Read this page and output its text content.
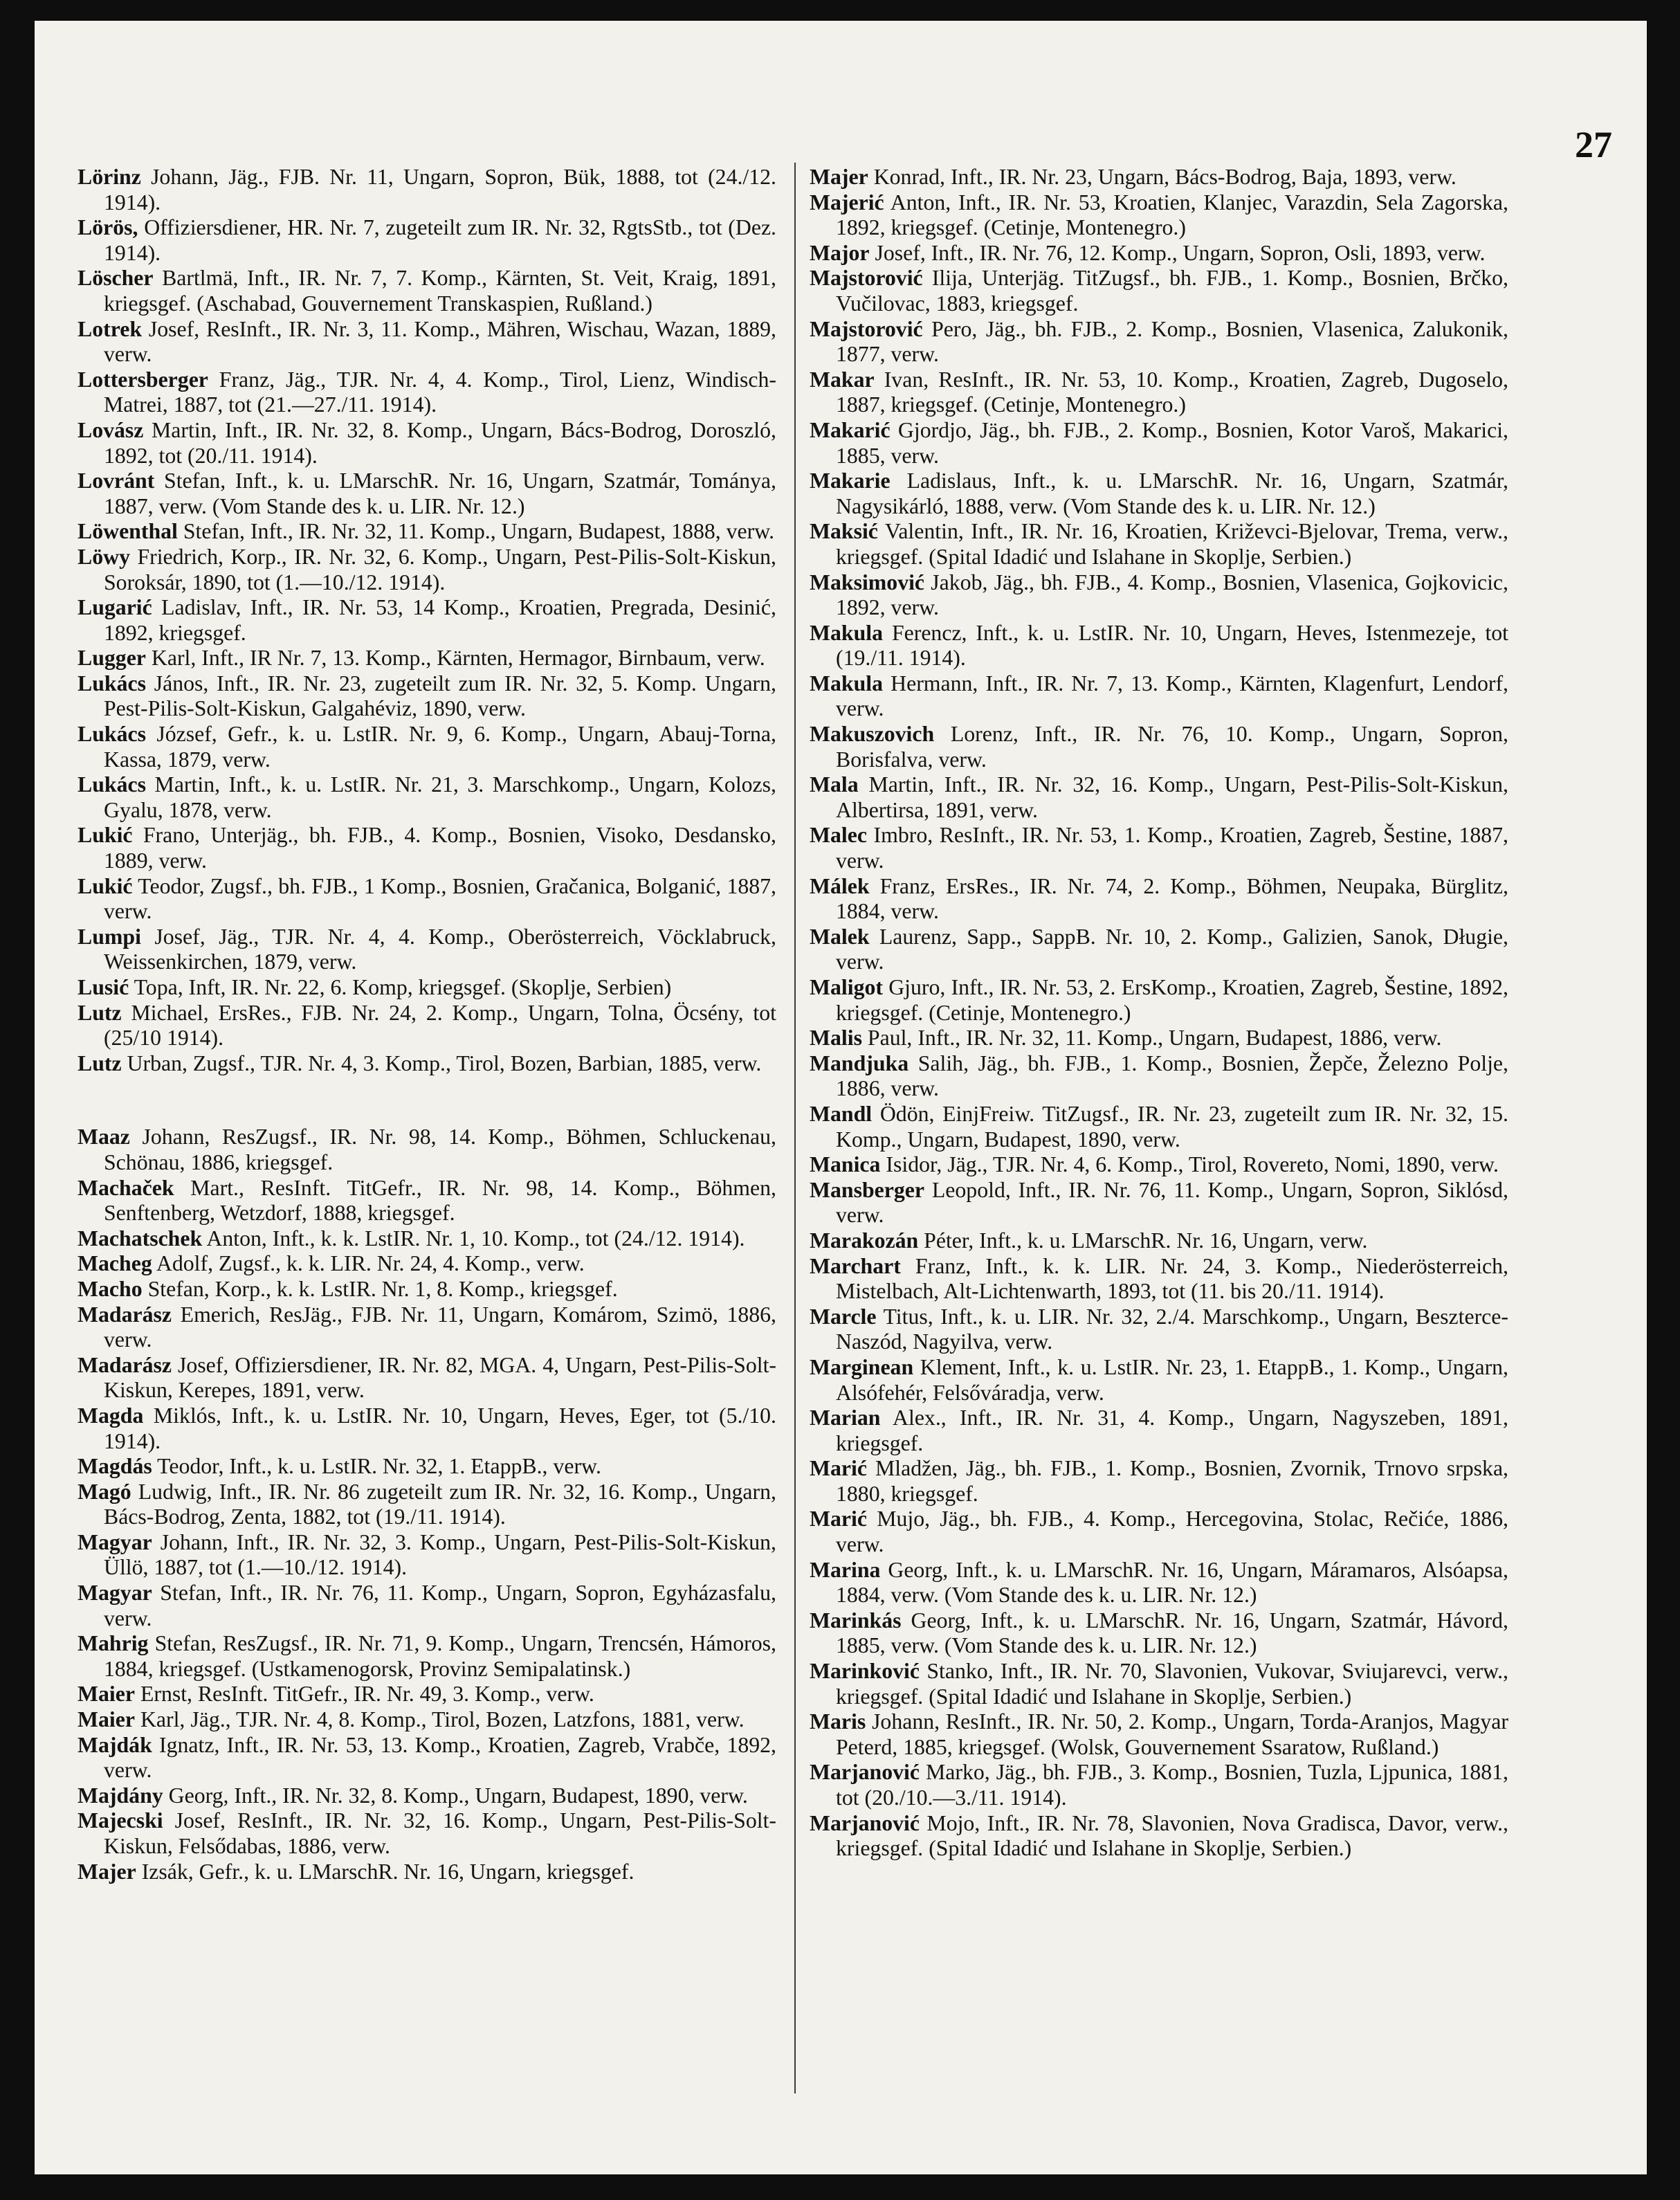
27
Lörinz Johann, Jäg., FJB. Nr. 11, Ungarn, Sopron, Bük, 1888, tot (24./12. 1914).
Lörös, Offiziersdiener, HR. Nr. 7, zugeteilt zum IR. Nr. 32, RgtsStb., tot (Dez. 1914).
Löscher Bartlmä, Inft., IR. Nr. 7, 7. Komp., Kärnten, St. Veit, Kraig, 1891, kriegsgef. (Aschabad, Gouvernement Transkaspien, Rußland.)
Lotrek Josef, ResInft., IR. Nr. 3, 11. Komp., Mähren, Wischau, Wazan, 1889, verw.
Lottersberger Franz, Jäg., TJR. Nr. 4, 4. Komp., Tirol, Lienz, Windisch-Matrei, 1887, tot (21.—27./11. 1914).
Lovász Martin, Inft., IR. Nr. 32, 8. Komp., Ungarn, Bács-Bodrog, Doroszló, 1892, tot (20./11. 1914).
Lovránt Stefan, Inft., k. u. LMarschR. Nr. 16, Ungarn, Szatmár, Tománya, 1887, verw. (Vom Stande des k. u. LIR. Nr. 12.)
Löwenthal Stefan, Inft., IR. Nr. 32, 11. Komp., Ungarn, Budapest, 1888, verw.
Löwy Friedrich, Korp., IR. Nr. 32, 6. Komp., Ungarn, Pest-Pilis-Solt-Kiskun, Soroksár, 1890, tot (1.—10./12. 1914).
Lugarić Ladislav, Inft., IR. Nr. 53, 14 Komp., Kroatien, Pregrada, Desinić, 1892, kriegsgef.
Lugger Karl, Inft., IR Nr. 7, 13. Komp., Kärnten, Hermagor, Birnbaum, verw.
Lukács János, Inft., IR. Nr. 23, zugeteilt zum IR. Nr. 32, 5. Komp. Ungarn, Pest-Pilis-Solt-Kiskun, Galgahéviz, 1890, verw.
Lukács József, Gefr., k. u. LstIR. Nr. 9, 6. Komp., Ungarn, Abauj-Torna, Kassa, 1879, verw.
Lukács Martin, Inft., k. u. LstIR. Nr. 21, 3. Marschkomp., Ungarn, Kolozs, Gyalu, 1878, verw.
Lukić Frano, Unterjäg., bh. FJB., 4. Komp., Bosnien, Visoko, Desdansko, 1889, verw.
Lukić Teodor, Zugsf., bh. FJB., 1 Komp., Bosnien, Gračanica, Bolganić, 1887, verw.
Lumpi Josef, Jäg., TJR. Nr. 4, 4. Komp., Oberösterreich, Vöcklabruck, Weissenkirchen, 1879, verw.
Lusić Topa, Inft, IR. Nr. 22, 6. Komp, kriegsgef. (Skoplje, Serbien)
Lutz Michael, ErsRes., FJB. Nr. 24, 2. Komp., Ungarn, Tolna, Öcsény, tot (25/10 1914).
Lutz Urban, Zugsf., TJR. Nr. 4, 3. Komp., Tirol, Bozen, Barbian, 1885, verw.
Maaz Johann, ResZugsf., IR. Nr. 98, 14. Komp., Böhmen, Schluckenau, Schönau, 1886, kriegsgef.
Machaček Mart., ResInft. TitGefr., IR. Nr. 98, 14. Komp., Böhmen, Senftenberg, Wetzdorf, 1888, kriegsgef.
Machatschek Anton, Inft., k. k. LstIR. Nr. 1, 10. Komp., tot (24./12. 1914).
Macheg Adolf, Zugsf., k. k. LIR. Nr. 24, 4. Komp., verw.
Macho Stefan, Korp., k. k. LstIR. Nr. 1, 8. Komp., kriegsgef.
Madarász Emerich, ResJäg., FJB. Nr. 11, Ungarn, Komárom, Szimö, 1886, verw.
Madarász Josef, Offiziersdiener, IR. Nr. 82, MGA. 4, Ungarn, Pest-Pilis-Solt-Kiskun, Kerepes, 1891, verw.
Magda Miklós, Inft., k. u. LstIR. Nr. 10, Ungarn, Heves, Eger, tot (5./10. 1914).
Magdás Teodor, Inft., k. u. LstIR. Nr. 32, 1. EtappB., verw.
Magó Ludwig, Inft., IR. Nr. 86 zugeteilt zum IR. Nr. 32, 16. Komp., Ungarn, Bács-Bodrog, Zenta, 1882, tot (19./11. 1914).
Magyar Johann, Inft., IR. Nr. 32, 3. Komp., Ungarn, Pest-Pilis-Solt-Kiskun, Üllö, 1887, tot (1.—10./12. 1914).
Magyar Stefan, Inft., IR. Nr. 76, 11. Komp., Ungarn, Sopron, Egyházasfalu, verw.
Mahrig Stefan, ResZugsf., IR. Nr. 71, 9. Komp., Ungarn, Trencsén, Hámoros, 1884, kriegsgef. (Ustkamenogorsk, Provinz Semipalatinsk.)
Maier Ernst, ResInft. TitGefr., IR. Nr. 49, 3. Komp., verw.
Maier Karl, Jäg., TJR. Nr. 4, 8. Komp., Tirol, Bozen, Latzfons, 1881, verw.
Majdák Ignatz, Inft., IR. Nr. 53, 13. Komp., Kroatien, Zagreb, Vrabče, 1892, verw.
Majdány Georg, Inft., IR. Nr. 32, 8. Komp., Ungarn, Budapest, 1890, verw.
Majecski Josef, ResInft., IR. Nr. 32, 16. Komp., Ungarn, Pest-Pilis-Solt-Kiskun, Felsődabas, 1886, verw.
Majer Izsák, Gefr., k. u. LMarschR. Nr. 16, Ungarn, kriegsgef.
Majer Konrad, Inft., IR. Nr. 23, Ungarn, Bács-Bodrog, Baja, 1893, verw.
Majerić Anton, Inft., IR. Nr. 53, Kroatien, Klanjec, Varazdin, Sela Zagorska, 1892, kriegsgef. (Cetinje, Montenegro.)
Major Josef, Inft., IR. Nr. 76, 12. Komp., Ungarn, Sopron, Osli, 1893, verw.
Majstorović Ilija, Unterjäg. TitZugsf., bh. FJB., 1. Komp., Bosnien, Brčko, Vučilovac, 1883, kriegsgef.
Majstorović Pero, Jäg., bh. FJB., 2. Komp., Bosnien, Vlasenica, Zalukonik, 1877, verw.
Makar Ivan, ResInft., IR. Nr. 53, 10. Komp., Kroatien, Zagreb, Dugoselo, 1887, kriegsgef. (Cetinje, Montenegro.)
Makarić Gjordjo, Jäg., bh. FJB., 2. Komp., Bosnien, Kotor Varoš, Makarici, 1885, verw.
Makarie Ladislaus, Inft., k. u. LMarschR. Nr. 16, Ungarn, Szatmár, Nagysikárló, 1888, verw. (Vom Stande des k. u. LIR. Nr. 12.)
Maksić Valentin, Inft., IR. Nr. 16, Kroatien, Križevci-Bjelovar, Trema, verw., kriegsgef. (Spital Idadić und Islahane in Skoplje, Serbien.)
Maksimović Jakob, Jäg., bh. FJB., 4. Komp., Bosnien, Vlasenica, Gojkovicic, 1892, verw.
Makula Ferencz, Inft., k. u. LstIR. Nr. 10, Ungarn, Heves, Istenmezeje, tot (19./11. 1914).
Makula Hermann, Inft., IR. Nr. 7, 13. Komp., Kärnten, Klagenfurt, Lendorf, verw.
Makuszovich Lorenz, Inft., IR. Nr. 76, 10. Komp., Ungarn, Sopron, Borisfalva, verw.
Mala Martin, Inft., IR. Nr. 32, 16. Komp., Ungarn, Pest-Pilis-Solt-Kiskun, Albertirsa, 1891, verw.
Malec Imbro, ResInft., IR. Nr. 53, 1. Komp., Kroatien, Zagreb, Šestine, 1887, verw.
Málek Franz, ErsRes., IR. Nr. 74, 2. Komp., Böhmen, Neupaka, Bürglitz, 1884, verw.
Malek Laurenz, Sapp., SappB. Nr. 10, 2. Komp., Galizien, Sanok, Długie, verw.
Maligot Gjuro, Inft., IR. Nr. 53, 2. ErsKomp., Kroatien, Zagreb, Šestine, 1892, kriegsgef. (Cetinje, Montenegro.)
Malis Paul, Inft., IR. Nr. 32, 11. Komp., Ungarn, Budapest, 1886, verw.
Mandjuka Salih, Jäg., bh. FJB., 1. Komp., Bosnien, Žepče, Železno Polje, 1886, verw.
Mandl Ödön, EinjFreiw. TitZugsf., IR. Nr. 23, zugeteilt zum IR. Nr. 32, 15. Komp., Ungarn, Budapest, 1890, verw.
Manica Isidor, Jäg., TJR. Nr. 4, 6. Komp., Tirol, Rovereto, Nomi, 1890, verw.
Mansberger Leopold, Inft., IR. Nr. 76, 11. Komp., Ungarn, Sopron, Siklósd, verw.
Marakozán Péter, Inft., k. u. LMarschR. Nr. 16, Ungarn, verw.
Marchart Franz, Inft., k. k. LIR. Nr. 24, 3. Komp., Niederösterreich, Mistelbach, Alt-Lichtenwarth, 1893, tot (11. bis 20./11. 1914).
Marcle Titus, Inft., k. u. LIR. Nr. 32, 2./4. Marschkomp., Ungarn, Beszterce-Naszód, Nagyilva, verw.
Marginean Klement, Inft., k. u. LstIR. Nr. 23, 1. EtappB., 1. Komp., Ungarn, Alsófehér, Felsőváradja, verw.
Marian Alex., Inft., IR. Nr. 31, 4. Komp., Ungarn, Nagyszeben, 1891, kriegsgef.
Marić Mladžen, Jäg., bh. FJB., 1. Komp., Bosnien, Zvornik, Trnovo srpska, 1880, kriegsgef.
Marić Mujo, Jäg., bh. FJB., 4. Komp., Hercegovina, Stolac, Rečiće, 1886, verw.
Marina Georg, Inft., k. u. LMarschR. Nr. 16, Ungarn, Máramaros, Alsóapsa, 1884, verw. (Vom Stande des k. u. LIR. Nr. 12.)
Marinkás Georg, Inft., k. u. LMarschR. Nr. 16, Ungarn, Szatmár, Hávord, 1885, verw. (Vom Stande des k. u. LIR. Nr. 12.)
Marinković Stanko, Inft., IR. Nr. 70, Slavonien, Vukovar, Sviujarevci, verw., kriegsgef. (Spital Idadić und Islahane in Skoplje, Serbien.)
Maris Johann, ResInft., IR. Nr. 50, 2. Komp., Ungarn, Torda-Aranjos, Magyar Peterd, 1885, kriegsgef. (Wolsk, Gouvernement Ssaratow, Rußland.)
Marjanović Marko, Jäg., bh. FJB., 3. Komp., Bosnien, Tuzla, Ljpunica, 1881, tot (20./10.—3./11. 1914).
Marjanović Mojo, Inft., IR. Nr. 78, Slavonien, Nova Gradisca, Davor, verw., kriegsgef. (Spital Idadić und Islahane in Skoplje, Serbien.)
